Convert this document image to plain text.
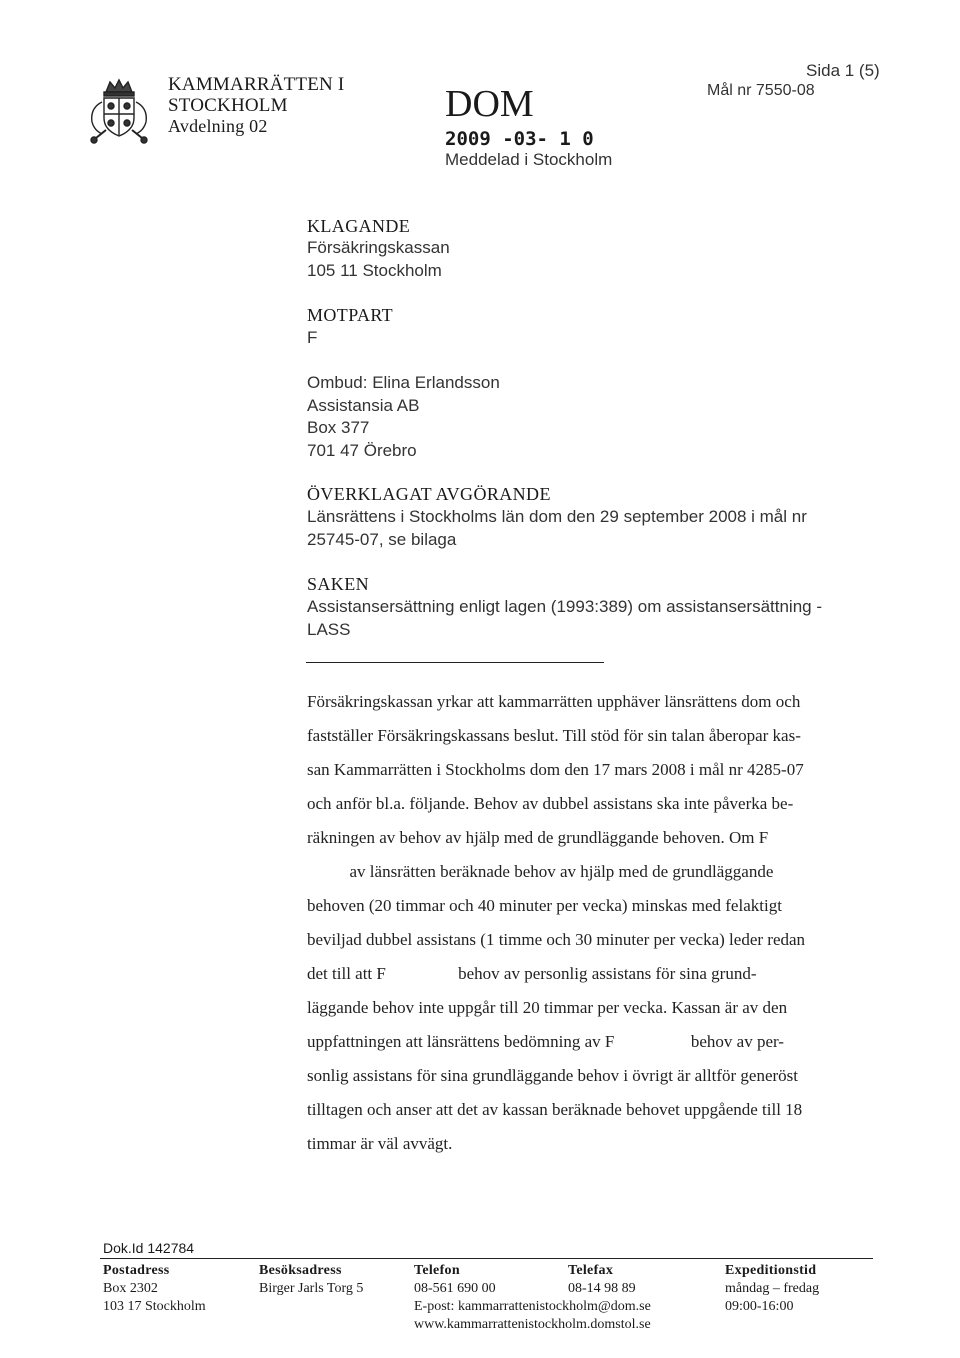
KAMMARRÄTTEN I
STOCKHOLM
Avdelning 02
DOM
2009 -03- 1 0
Meddelad i Stockholm
Sida 1 (5)
Mål nr 7550-08
KLAGANDE
Försäkringskassan
105 11 Stockholm
MOTPART
F
Ombud: Elina Erlandsson
Assistansia AB
Box 377
701 47 Örebro
ÖVERKLAGAT AVGÖRANDE
Länsrättens i Stockholms län dom den 29 september 2008 i mål nr
25745-07, se bilaga
SAKEN
Assistansersättning enligt lagen (1993:389) om assistansersättning -
LASS
Försäkringskassan yrkar att kammarrätten upphäver länsrättens dom och
fastställer Försäkringskassans beslut. Till stöd för sin talan åberopar kas-
san Kammarrätten i Stockholms dom den 17 mars 2008 i mål nr 4285-07
och anför bl.a. följande. Behov av dubbel assistans ska inte påverka be-
räkningen av behov av hjälp med de grundläggande behoven. Om F
av länsrätten beräknade behov av hjälp med de grundläggande
behoven (20 timmar och 40 minuter per vecka) minskas med felaktigt
beviljad dubbel assistans (1 timme och 30 minuter per vecka) leder redan
det till att F                 behov av personlig assistans för sina grund-
läggande behov inte uppgår till 20 timmar per vecka. Kassan är av den
uppfattningen att länsrättens bedömning av F                  behov av per-
sonlig assistans för sina grundläggande behov i övrigt är alltför generöst
tilltagen och anser att det av kassan beräknade behovet uppgående till 18
timmar är väl avvägt.
Dok.Id 142784
Postadress
Box 2302
103 17 Stockholm
Besöksadress
Birger Jarls Torg 5
Telefon
08-561 690 00
E-post: kammarrattenistockholm@dom.se
www.kammarrattenistockholm.domstol.se
Telefax
08-14 98 89
Expeditionstid
måndag – fredag
09:00-16:00
